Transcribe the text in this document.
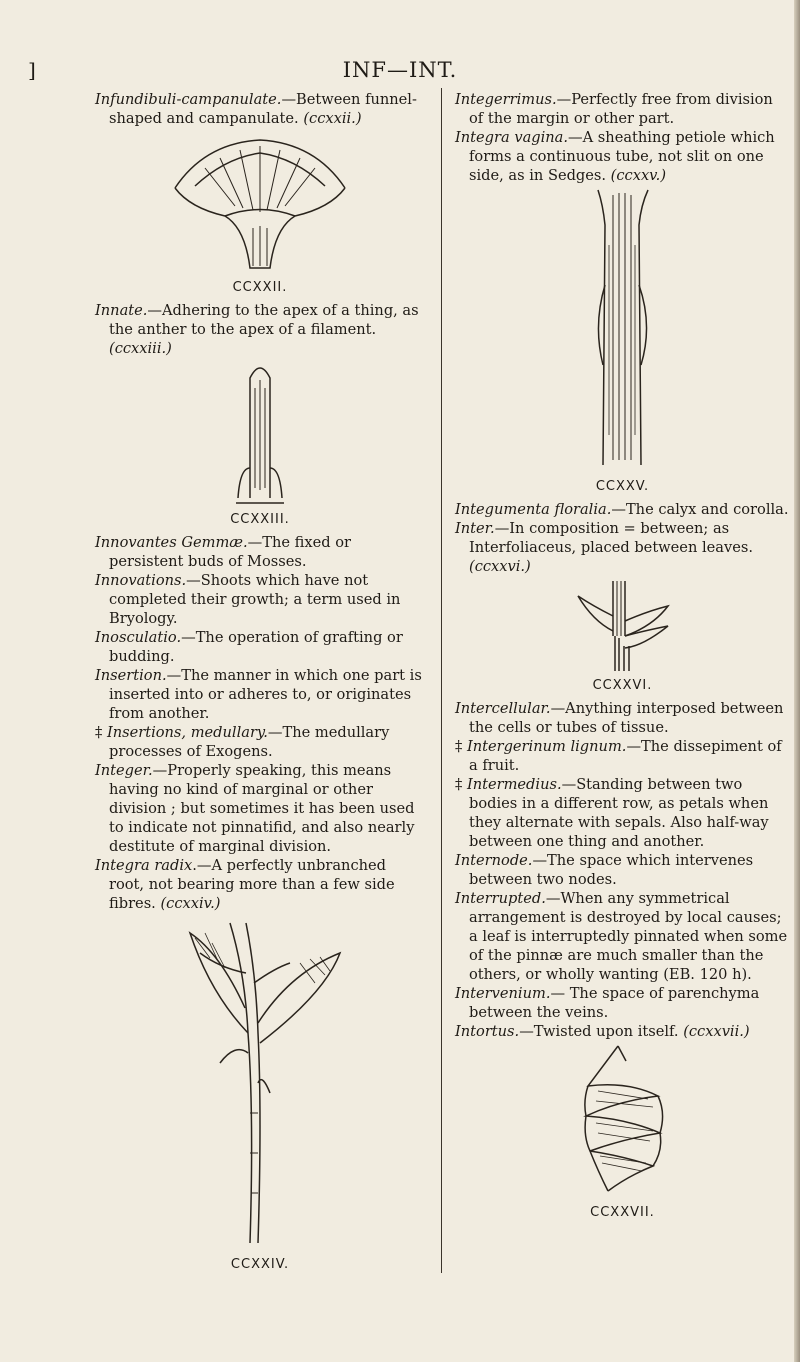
]	INF—INT.

Infundibuli-campanulate.—Between funnel-shaped and campanulate. (ccxxii.)

CCXXII.

Innate.—Adhering to the apex of a thing, as the anther to the apex of a filament. (ccxxiii.)

CCXXIII.

Innovantes Gemmæ.—The fixed or persistent buds of Mosses.

Innovations.—Shoots which have not completed their growth; a term used in Bryology.

Inosculatio.—The operation of grafting or budding.

Insertion.—The manner in which one part is inserted into or adheres to, or originates from another.

‡ Insertions, medullary.—The medullary processes of Exogens.

Integer.—Properly speaking, this means having no kind of marginal or other division ; but sometimes it has been used to indicate not pinnatifid, and also nearly destitute of marginal division.

Integra radix.—A perfectly unbranched root, not bearing more than a few side fibres. (ccxxiv.)

CCXXIV.

Integerrimus.—Perfectly free from division of the margin or other part.

Integra vagina.—A sheathing petiole which forms a continuous tube, not slit on one side, as in Sedges. (ccxxv.)

CCXXV.

Integumenta floralia.—The calyx and corolla.

Inter.—In composition = between; as Interfoliaceus, placed between leaves. (ccxxvi.)

CCXXVI.

Intercellular.—Anything interposed between the cells or tubes of tissue.

‡ Intergerinum lignum.—The dissepiment of a fruit.

‡ Intermedius.—Standing between two bodies in a different row, as petals when they alternate with sepals. Also half-way between one thing and another.

Internode.—The space which intervenes between two nodes.

Interrupted.—When any symmetrical arrangement is destroyed by local causes; a leaf is interruptedly pinnated when some of the pinnæ are much smaller than the others, or wholly wanting (EB. 120 h).

Intervenium.— The space of parenchyma between the veins.

Intortus.—Twisted upon itself. (ccxxvii.)

CCXXVII.
